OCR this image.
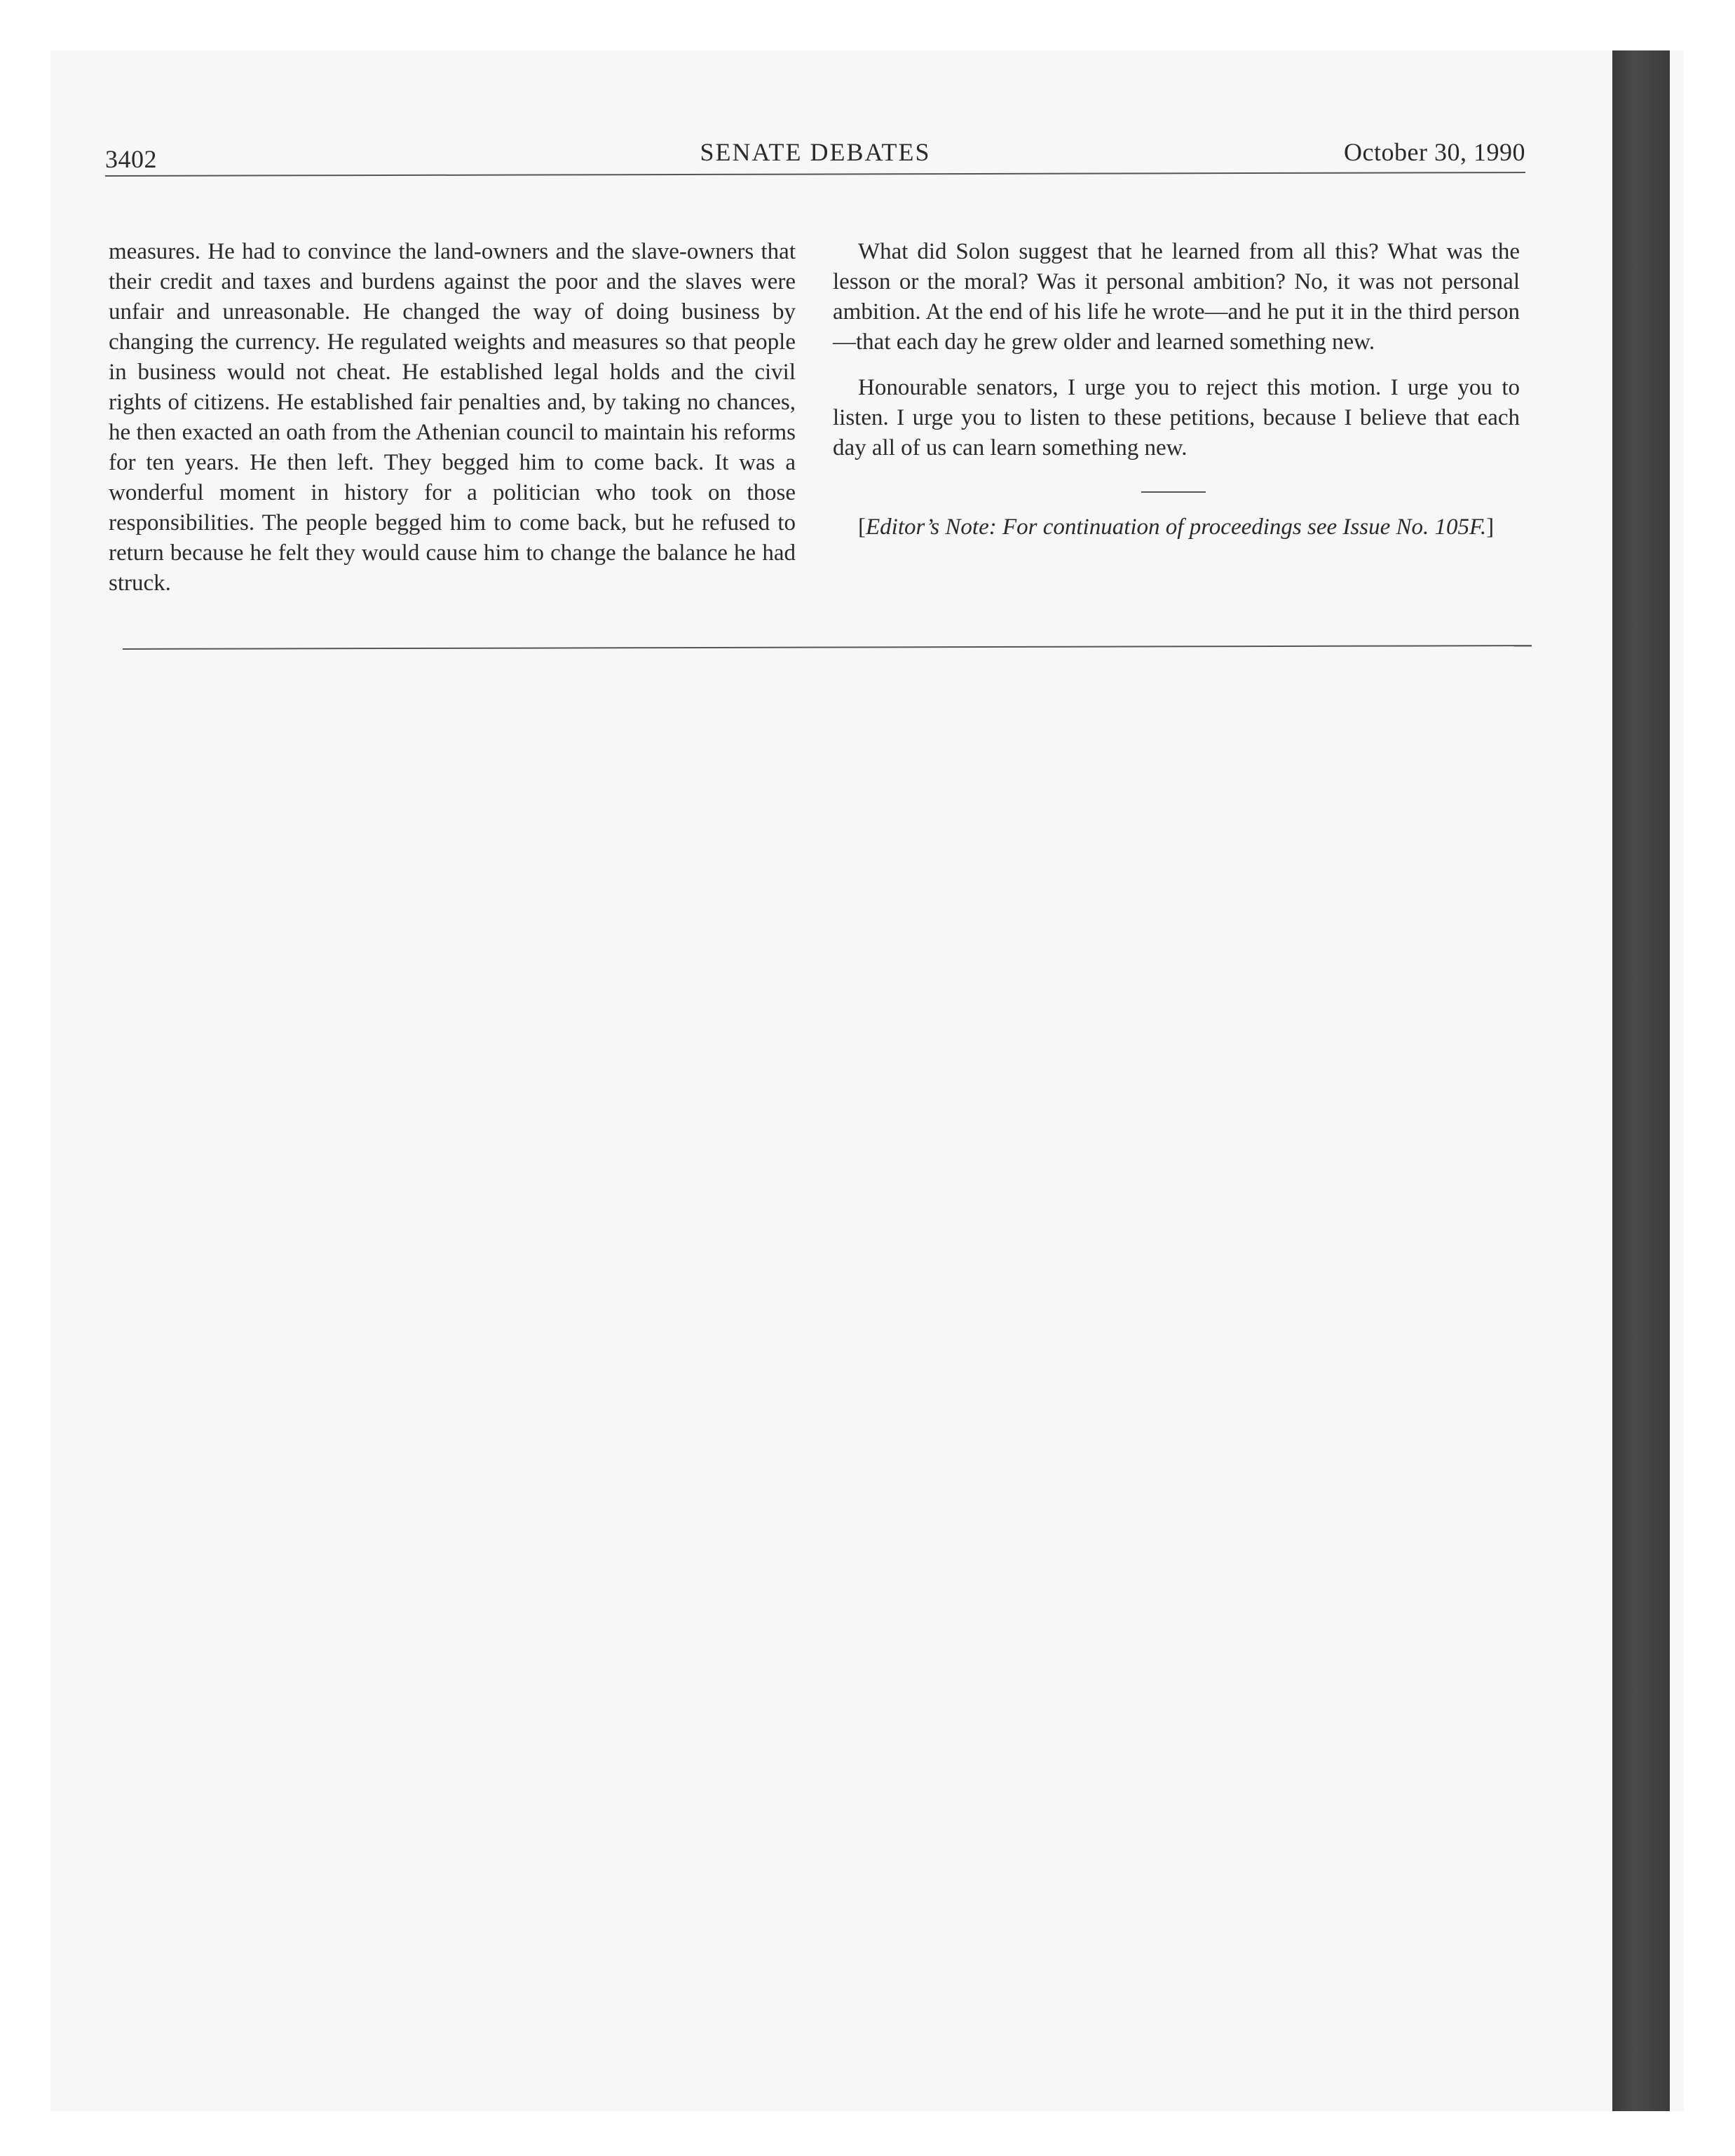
3402	SENATE DEBATES	October 30, 1990

measures. He had to convince the land-owners and the slave-owners that their credit and taxes and burdens against the poor and the slaves were unfair and unreasonable. He changed the way of doing business by changing the currency. He regulated weights and measures so that people in business would not cheat. He established legal holds and the civil rights of citizens. He established fair penalties and, by taking no chances, he then exacted an oath from the Athenian council to maintain his reforms for ten years. He then left. They begged him to come back. It was a wonderful moment in history for a politician who took on those responsibilities. The people begged him to come back, but he refused to return because he felt they would cause him to change the balance he had struck.

What did Solon suggest that he learned from all this? What was the lesson or the moral? Was it personal ambition? No, it was not personal ambition. At the end of his life he wrote—and he put it in the third person—that each day he grew older and learned something new.

Honourable senators, I urge you to reject this motion. I urge you to listen. I urge you to listen to these petitions, because I believe that each day all of us can learn something new.

[Editor’s Note: For continuation of proceedings see Issue No. 105F.]
